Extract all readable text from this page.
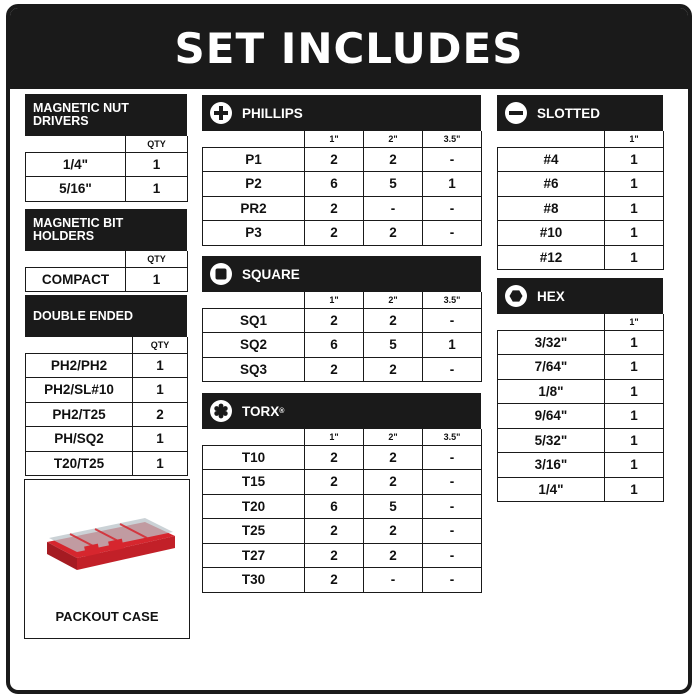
SET INCLUDES
MAGNETIC NUT DRIVERS
	QTY
1/4"	1
5/16"	1
MAGNETIC BIT HOLDERS
	QTY
COMPACT	1
DOUBLE ENDED
	QTY
PH2/PH2	1
PH2/SL#10	1
PH2/T25	2
PH/SQ2	1
T20/T25	1
PACKOUT CASE
PHILLIPS
	1"	2"	3.5"
P1	2	2	-
P2	6	5	1
PR2	2	-	-
P3	2	2	-
SQUARE
	1"	2"	3.5"
SQ1	2	2	-
SQ2	6	5	1
SQ3	2	2	-
TORX ®
	1"	2"	3.5"
T10	2	2	-
T15	2	2	-
T20	6	5	-
T25	2	2	-
T27	2	2	-
T30	2	-	-
SLOTTED
	1"
#4	1
#6	1
#8	1
#10	1
#12	1
HEX
	1"
3/32"	1
7/64"	1
1/8"	1
9/64"	1
5/32"	1
3/16"	1
1/4"	1
